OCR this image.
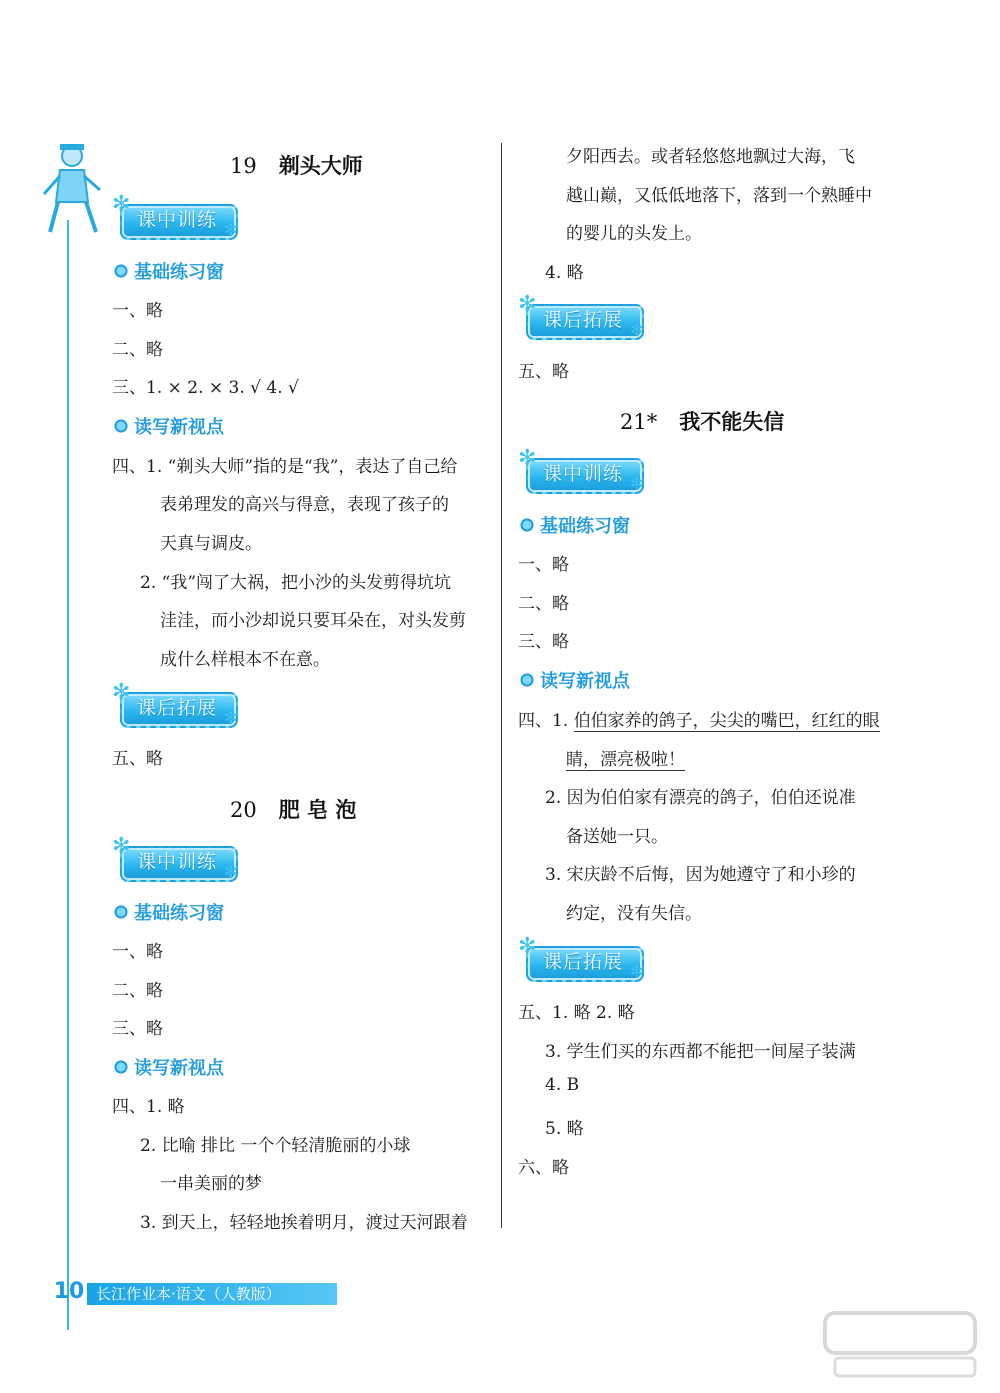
19 剃头大师
课中训练
✻
✻
基础练习窗
一、略
二、略
三、1. × 2. × 3. √ 4. √
读写新视点
四、1. “剃头大师”指的是“我”，表达了自己给
表弟理发的高兴与得意，表现了孩子的
天真与调皮。
2. “我”闯了大祸，把小沙的头发剪得坑坑
洼洼，而小沙却说只要耳朵在，对头发剪
成什么样根本不在意。
课后拓展
✻
✻
五、略
20 肥 皂 泡
课中训练
✻
✻
基础练习窗
一、略
二、略
三、略
读写新视点
四、1. 略
2. 比喻 排比 一个个轻清脆丽的小球
一串美丽的梦
3. 到天上，轻轻地挨着明月，渡过天河跟着
夕阳西去。或者轻悠悠地飘过大海，飞
越山巅，又低低地落下，落到一个熟睡中
的婴儿的头发上。
4. 略
课后拓展
✻
✻
五、略
21* 我不能失信
课中训练
✻
✻
基础练习窗
一、略
二、略
三、略
读写新视点
四、1. 伯伯家养的鸽子，尖尖的嘴巴，红红的眼
睛，漂亮极啦！
2. 因为伯伯家有漂亮的鸽子，伯伯还说准
备送她一只。
3. 宋庆龄不后悔，因为她遵守了和小珍的
约定，没有失信。
课后拓展
✻
✻
五、1. 略 2. 略
3. 学生们买的东西都不能把一间屋子装满
4. B
5. 略
六、略
10 长江作业本·语文（人教版）
